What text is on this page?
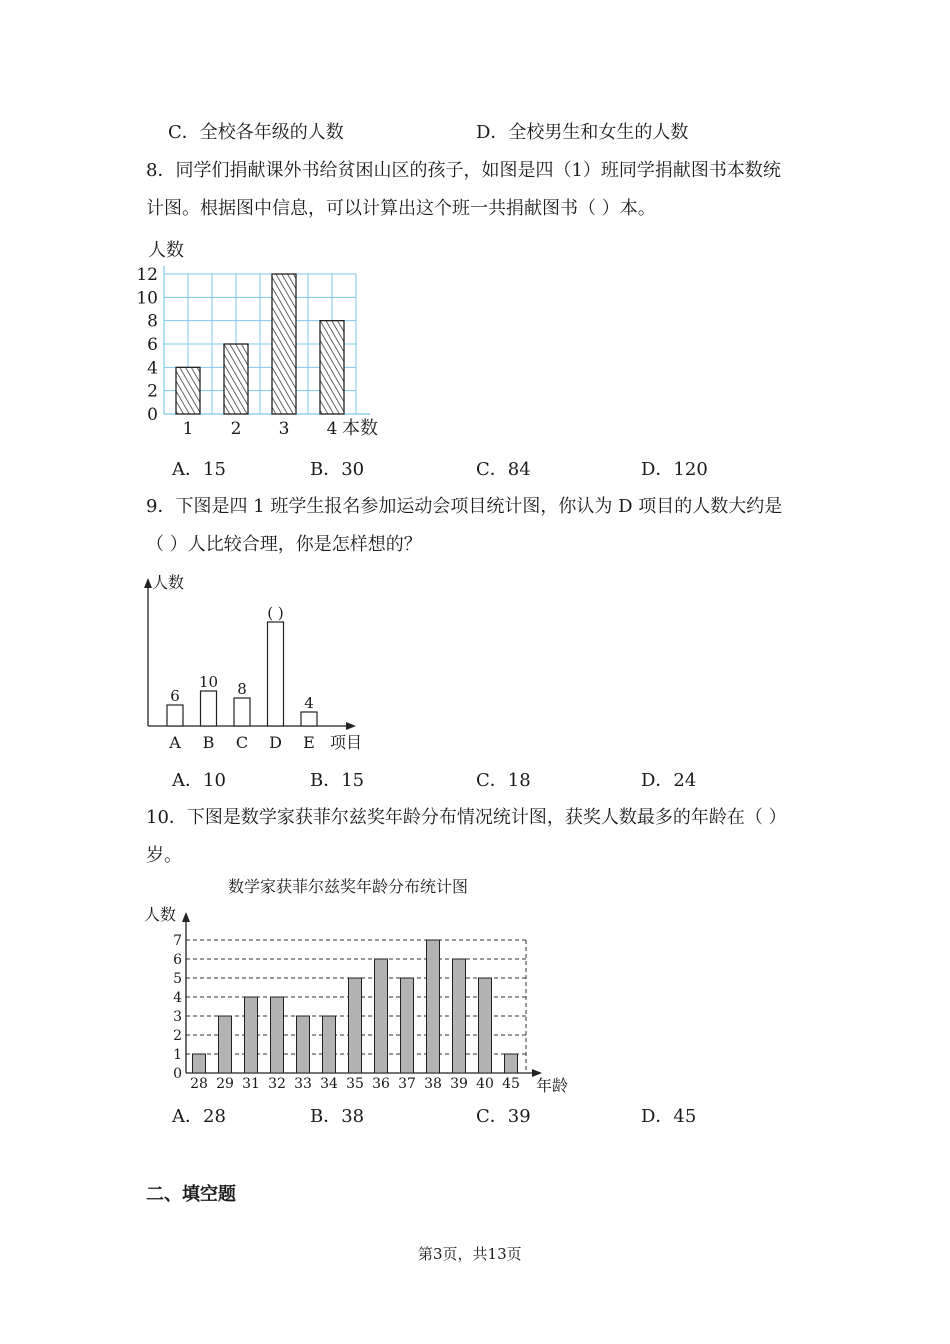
C．全校各年级的人数	D．全校男生和女生的人数
8．同学们捐献课外书给贫困山区的孩子，如图是四（1）班同学捐献图书本数统
计图。根据图中信息，可以计算出这个班一共捐献图书（ ）本。
0
2
4
6
8
10
12
人数
1 2 3 4 本数
A．15	B．30	C．84	D．120
9．下图是四 1 班学生报名参加运动会项目统计图，你认为 D 项目的人数大约是
（ ）人比较合理，你是怎样想的？
人数
项目
6
A
10
B
8
C
( )
D
4
E
A．10	B．15	C．18	D．24
10．下图是数学家获菲尔兹奖年龄分布情况统计图，获奖人数最多的年龄在（ ）
岁。
数学家获菲尔兹奖年龄分布统计图
人数
0
1
2
3
4
5
6
7
28 29 31 32 33 34 35 36 37 38 39 40 45 年龄
A．28	B．38	C．39	D．45
二、填空题
第3页，共13页
